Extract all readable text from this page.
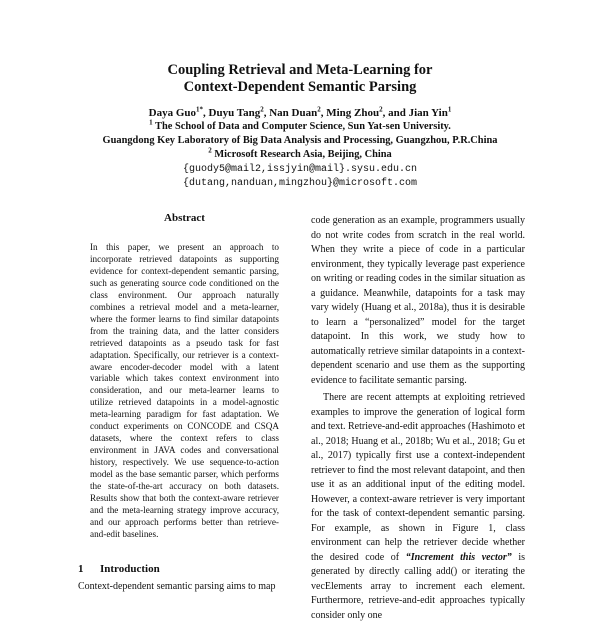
Coupling Retrieval and Meta-Learning for
Context-Dependent Semantic Parsing
Daya Guo$^{1*}$, Duyu Tang$^2$, Nan Duan$^2$, Ming Zhou$^2$, and Jian Yin$^1$
$^1$ The School of Data and Computer Science, Sun Yat-sen University.
Guangdong Key Laboratory of Big Data Analysis and Processing, Guangzhou, P.R.China
$^2$ Microsoft Research Asia, Beijing, China
{guody5@mail2,issjyin@mail}.sysu.edu.cn
{dutang,nanduan,mingzhou}@microsoft.com
Abstract
In this paper, we present an approach to incorporate retrieved datapoints as supporting evidence for context-dependent semantic parsing, such as generating source code conditioned on the class environment. Our approach naturally combines a retrieval model and a meta-learner, where the former learns to find similar datapoints from the training data, and the latter considers retrieved datapoints as a pseudo task for fast adaptation. Specifically, our retriever is a context-aware encoder-decoder model with a latent variable which takes context environment into consideration, and our meta-learner learns to utilize retrieved datapoints in a model-agnostic meta-learning paradigm for fast adaptation. We conduct experiments on CONCODE and CSQA datasets, where the context refers to class environment in JAVA codes and conversational history, respectively. We use sequence-to-action model as the base semantic parser, which performs the state-of-the-art accuracy on both datasets. Results show that both the context-aware retriever and the meta-learning strategy improve accuracy, and our approach performs better than retrieve-and-edit baselines.
1 Introduction
Context-dependent semantic parsing aims to map

code generation as an example, programmers usually do not write codes from scratch in the real world. When they write a piece of code in a particular environment, they typically leverage past experience on writing or reading codes in the similar situation as a guidance. Meanwhile, datapoints for a task may vary widely (Huang et al., 2018a), thus it is desirable to learn a “personalized” model for the target datapoint. In this work, we study how to automatically retrieve similar datapoints in a context-dependent scenario and use them as the supporting evidence to facilitate semantic parsing.

There are recent attempts at exploiting retrieved examples to improve the generation of logical form and text. Retrieve-and-edit approaches (Hashimoto et al., 2018; Huang et al., 2018b; Wu et al., 2018; Gu et al., 2017) typically first use a context-independent retriever to find the most relevant datapoint, and then use it as an additional input of the editing model. However, a context-aware retriever is very important for the task of context-dependent semantic parsing. For example, as shown in Figure 1, class environment can help the retriever decide whether the desired code of “Increment this vector” is generated by directly calling add() or iterating the vecElements array to increment each element. Furthermore, retrieve-and-edit approaches typically consider only one
